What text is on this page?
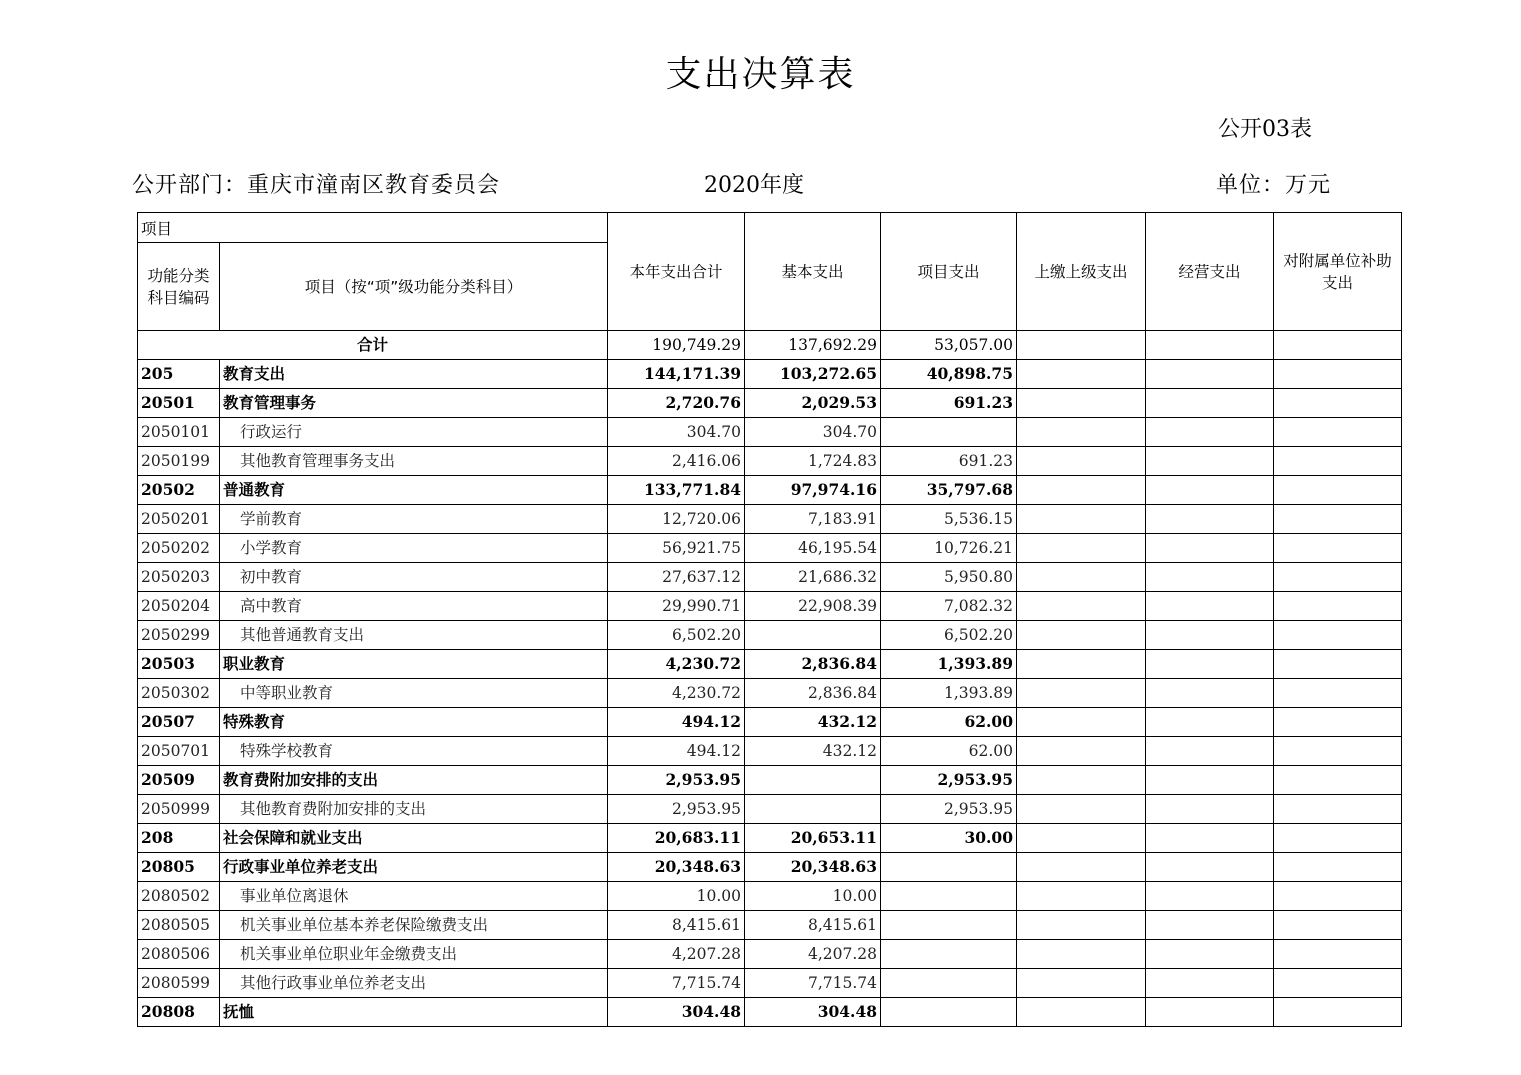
支出决算表
公开03表
公开部门：重庆市潼南区教育委员会	2020年度	单位：万元
项目		本年支出合计	基本支出	项目支出	上缴上级支出	经营支出	对附属单位补助支出
功能分类科目编码	项目（按“项”级功能分类科目）						
合计		190,749.29	137,692.29	53,057.00			
205	教育支出	144,171.39	103,272.65	40,898.75			
20501	教育管理事务	2,720.76	2,029.53	691.23			
2050101	行政运行	304.70	304.70				
2050199	其他教育管理事务支出	2,416.06	1,724.83	691.23			
20502	普通教育	133,771.84	97,974.16	35,797.68			
2050201	学前教育	12,720.06	7,183.91	5,536.15			
2050202	小学教育	56,921.75	46,195.54	10,726.21			
2050203	初中教育	27,637.12	21,686.32	5,950.80			
2050204	高中教育	29,990.71	22,908.39	7,082.32			
2050299	其他普通教育支出	6,502.20		6,502.20			
20503	职业教育	4,230.72	2,836.84	1,393.89			
2050302	中等职业教育	4,230.72	2,836.84	1,393.89			
20507	特殊教育	494.12	432.12	62.00			
2050701	特殊学校教育	494.12	432.12	62.00			
20509	教育费附加安排的支出	2,953.95		2,953.95			
2050999	其他教育费附加安排的支出	2,953.95		2,953.95			
208	社会保障和就业支出	20,683.11	20,653.11	30.00			
20805	行政事业单位养老支出	20,348.63	20,348.63				
2080502	事业单位离退休	10.00	10.00				
2080505	机关事业单位基本养老保险缴费支出	8,415.61	8,415.61				
2080506	机关事业单位职业年金缴费支出	4,207.28	4,207.28				
2080599	其他行政事业单位养老支出	7,715.74	7,715.74				
20808	抚恤	304.48	304.48				
